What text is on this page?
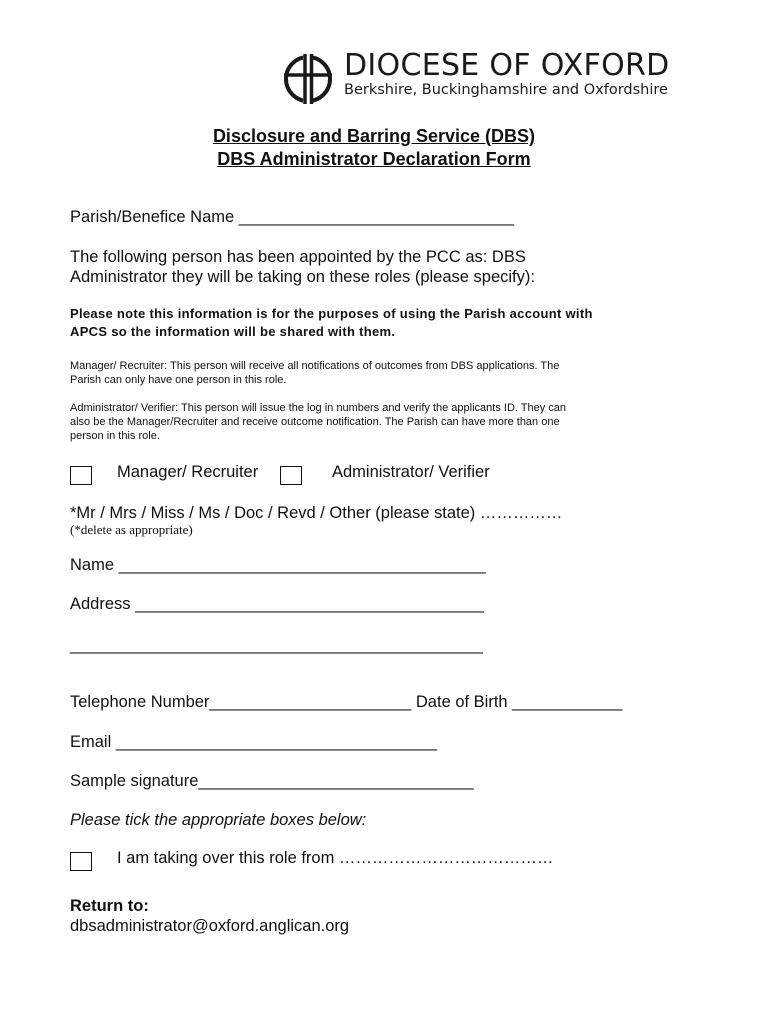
DIOCESE OF OXFORD
Berkshire, Buckinghamshire and Oxfordshire
Disclosure and Barring Service (DBS)
DBS Administrator Declaration Form
Parish/Benefice Name ______________________________
The following person has been appointed by the PCC as: DBS
Administrator they will be taking on these roles (please specify):
Please note this information is for the purposes of using the Parish account with
APCS so the information will be shared with them.
Manager/ Recruiter: This person will receive all notifications of outcomes from DBS applications. The
Parish can only have one person in this role.
Administrator/ Verifier: This person will issue the log in numbers and verify the applicants ID. They can
also be the Manager/Recruiter and receive outcome notification. The Parish can have more than one
person in this role.
Manager/ Recruiter	Administrator/ Verifier
*Mr / Mrs / Miss / Ms / Doc / Revd / Other (please state) ……………
(*delete as appropriate)
Name ________________________________________
Address ______________________________________
_____________________________________________
Telephone Number______________________ Date of Birth ____________
Email ___________________________________
Sample signature______________________________
Please tick the appropriate boxes below:
I am taking over this role from …………………………………
Return to:
dbsadministrator@oxford.anglican.org
